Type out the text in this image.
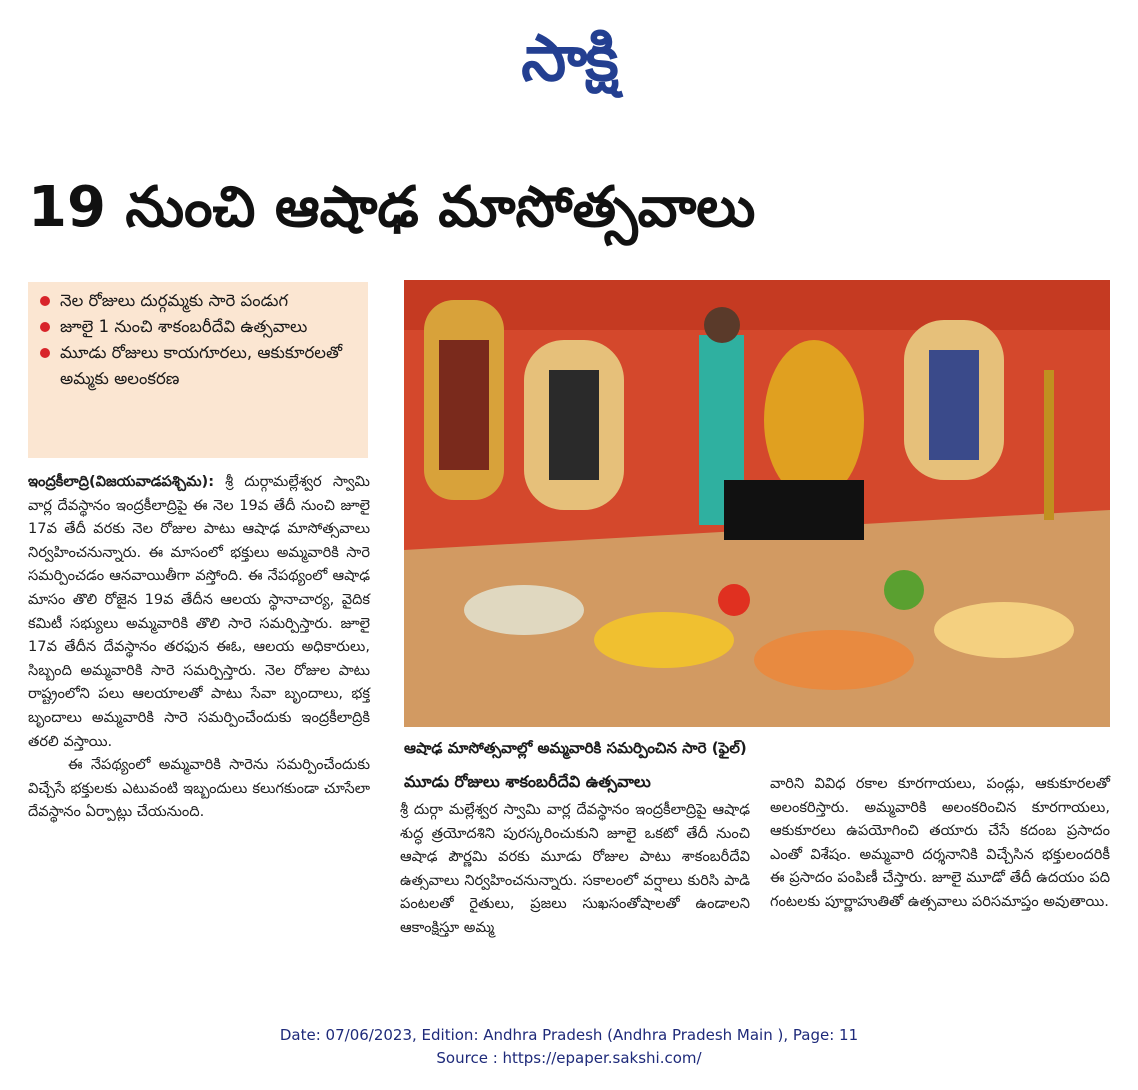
సాక్షి
19 నుంచి ఆషాఢ మాసోత్సవాలు
నెల రోజులు దుర్గమ్మకు సారె పండుగ
జూలై 1 నుంచి శాకంబరీదేవి ఉత్సవాలు
మూడు రోజులు కాయగూరలు, ఆకుకూరలతో అమ్మకు అలంకరణ

ఇంద్రకీలాద్రి(విజయవాడపశ్చిమ): శ్రీ దుర్గామల్లేశ్వర స్వామి వార్ల దేవస్థానం ఇంద్రకీలాద్రిపై ఈ నెల 19వ తేదీ నుంచి జూలై 17వ తేదీ వరకు నెల రోజుల పాటు ఆషాఢ మాసోత్సవాలు నిర్వహించనున్నారు. ఈ మాసంలో భక్తులు అమ్మవారికి సారె సమర్పించడం ఆనవాయితీగా వస్తోంది. ఈ నేపథ్యంలో ఆషాఢ మాసం తొలి రోజైన 19వ తేదీన ఆలయ స్థానాచార్య, వైదిక కమిటీ సభ్యులు అమ్మవారికి తొలి సారె సమర్పిస్తారు. జూలై 17వ తేదీన దేవస్థానం తరఫున ఈఓ, ఆలయ అధికారులు, సిబ్బంది అమ్మవారికి సారె సమర్పిస్తారు. నెల రోజుల పాటు రాష్ట్రంలోని పలు ఆలయాలతో పాటు సేవా బృందాలు, భక్త బృందాలు అమ్మవారికి సారె సమర్పించేందుకు ఇంద్రకీలాద్రికి తరలి వస్తాయి.

ఈ నేపథ్యంలో అమ్మవారికి సారెను సమర్పించేందుకు విచ్చేసే భక్తులకు ఎటువంటి ఇబ్బందులు కలుగకుండా చూసేలా దేవస్థానం ఏర్పాట్లు చేయనుంది.

ఆషాఢ మాసోత్సవాల్లో అమ్మవారికి సమర్పించిన సారె (ఫైల్)
మూడు రోజులు శాకంబరీదేవి ఉత్సవాలు

శ్రీ దుర్గా మల్లేశ్వర స్వామి వార్ల దేవస్థానం ఇంద్రకీలాద్రిపై ఆషాఢ శుద్ధ త్రయోదశిని పురస్కరించుకుని జూలై ఒకటో తేదీ నుంచి ఆషాఢ పౌర్ణమి వరకు మూడు రోజుల పాటు శాకంబరీదేవి ఉత్సవాలు నిర్వహించనున్నారు. సకాలంలో వర్షాలు కురిసి పాడి పంటలతో రైతులు, ప్రజలు సుఖసంతోషాలతో ఉండాలని ఆకాంక్షిస్తూ అమ్మ

వారిని వివిధ రకాల కూరగాయలు, పండ్లు, ఆకుకూరలతో అలంకరిస్తారు. అమ్మవారికి అలంకరించిన కూరగాయలు, ఆకుకూరలు ఉపయోగించి తయారు చేసే కదంబ ప్రసాదం ఎంతో విశేషం. అమ్మవారి దర్శనానికి విచ్చేసిన భక్తులందరికీ ఈ ప్రసాదం పంపిణీ చేస్తారు. జూలై మూడో తేదీ ఉదయం పది గంటలకు పూర్ణాహుతితో ఉత్సవాలు పరిసమాప్తం అవుతాయి.

Date: 07/06/2023, Edition: Andhra Pradesh (Andhra Pradesh Main ), Page: 11
Source : https://epaper.sakshi.com/
